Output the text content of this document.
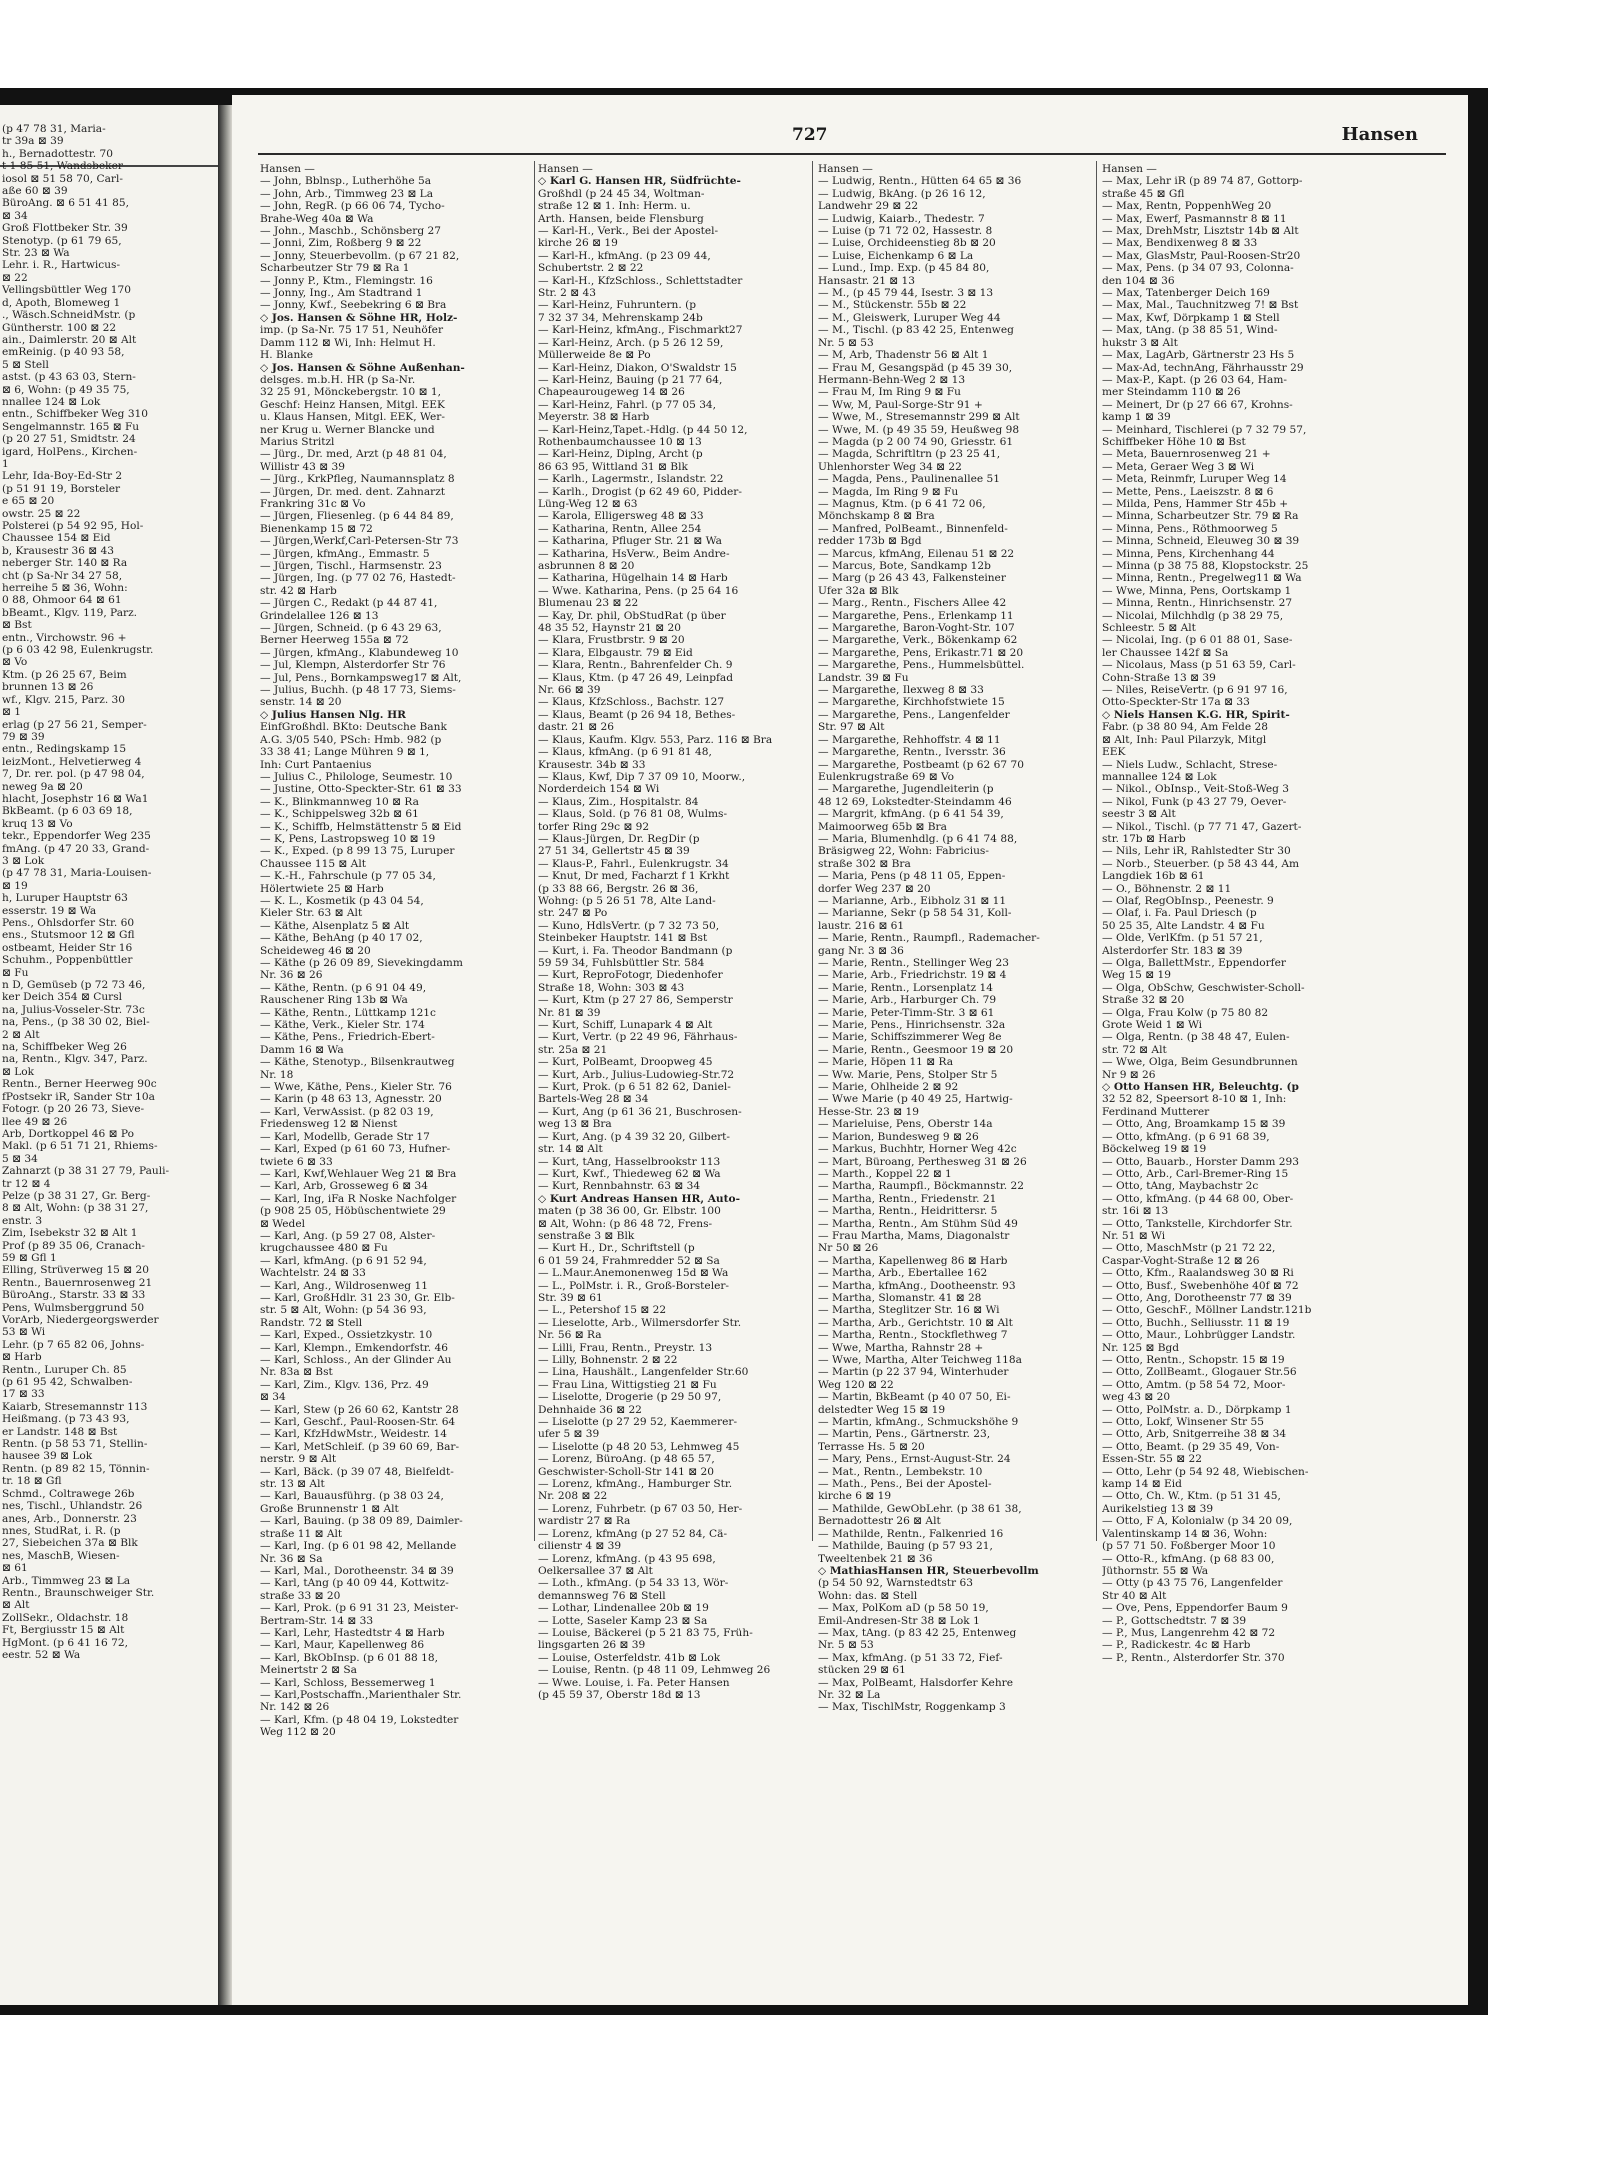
(p 47 78 31, Maria-
tr 39a ⊠ 39
h., Bernadottestr. 70
t 1 85 51, Wandsbeker
iosol ⊠ 51 58 70, Carl-
aße 60 ⊠ 39
BüroAng. ⊠ 6 51 41 85,
⊠ 34
Groß Flottbeker Str. 39
Stenotyp. (p 61 79 65,
Str. 23 ⊠ Wa
Lehr. i. R., Hartwicus-
⊠ 22
Vellingsbüttler Weg 170
d, Apoth, Blomeweg 1
., Wäsch.SchneidMstr. (p
Güntherstr. 100 ⊠ 22
ain., Daimlerstr. 20 ⊠ Alt
emReinig. (p 40 93 58,
5 ⊠ Stell
astst. (p 43 63 03, Stern-
⊠ 6, Wohn: (p 49 35 75,
nnallee 124 ⊠ Lok
entn., Schiffbeker Weg 310
Sengelmannstr. 165 ⊠ Fu
(p 20 27 51, Smidtstr. 24
igard, HolPens., Kirchen-
1
Lehr, Ida-Boy-Ed-Str 2
(p 51 91 19, Borsteler
e 65 ⊠ 20
owstr. 25 ⊠ 22
Polsterei (p 54 92 95, Hol-
Chaussee 154 ⊠ Eid
b, Krausestr 36 ⊠ 43
neberger Str. 140 ⊠ Ra
cht (p Sa-Nr 34 27 58,
herreihe 5 ⊠ 36, Wohn:
0 88, Ohmoor 64 ⊠ 61
bBeamt., Klgv. 119, Parz.
⊠ Bst
entn., Virchowstr. 96 +
(p 6 03 42 98, Eulenkrugstr.
⊠ Vo
Ktm. (p 26 25 67, Beim
brunnen 13 ⊠ 26
wf., Klgv. 215, Parz. 30
⊠ 1
erlag (p 27 56 21, Semper-
79 ⊠ 39
entn., Redingskamp 15
leizMont., Helvetierweg 4
7, Dr. rer. pol. (p 47 98 04,
neweg 9a ⊠ 20
hlacht, Josephstr 16 ⊠ Wa1
BkBeamt. (p 6 03 69 18,
kruq 13 ⊠ Vo
tekr., Eppendorfer Weg 235
fmAng. (p 47 20 33, Grand-
3 ⊠ Lok
(p 47 78 31, Maria-Louisen-
⊠ 19
h, Luruper Hauptstr 63
esserstr. 19 ⊠ Wa
Pens., Ohlsdorfer Str. 60
ens., Stutsmoor 12 ⊠ Gfl
ostbeamt, Heider Str 16
Schuhm., Poppenbüttler
⊠ Fu
n D, Gemüseb (p 72 73 46,
ker Deich 354 ⊠ Cursl
na, Julius-Vosseler-Str. 73c
na, Pens., (p 38 30 02, Biel-
2 ⊠ Alt
na, Schiffbeker Weg 26
na, Rentn., Klgv. 347, Parz.
⊠ Lok
Rentn., Berner Heerweg 90c
fPostsekr iR, Sander Str 10a
Fotogr. (p 20 26 73, Sieve-
llee 49 ⊠ 26
Arb, Dortkoppel 46 ⊠ Po
Makl. (p 6 51 71 21, Rhiems-
5 ⊠ 34
Zahnarzt (p 38 31 27 79, Pauli-
tr 12 ⊠ 4
Pelze (p 38 31 27, Gr. Berg-
8 ⊠ Alt, Wohn: (p 38 31 27,
enstr. 3
Zim, Isebekstr 32 ⊠ Alt 1
Prof (p 89 35 06, Cranach-
59 ⊠ Gfl 1
Elling, Strüverweg 15 ⊠ 20
Rentn., Bauernrosenweg 21
BüroAng., Starstr. 33 ⊠ 33
Pens, Wulmsberggrund 50
VorArb, Niedergeorgswerder
53 ⊠ Wi
Lehr. (p 7 65 82 06, Johns-
⊠ Harb
Rentn., Luruper Ch. 85
(p 61 95 42, Schwalben-
17 ⊠ 33
Kaiarb, Stresemannstr 113
Heißmang. (p 73 43 93,
er Landstr. 148 ⊠ Bst
Rentn. (p 58 53 71, Stellin-
hausee 39 ⊠ Lok
Rentn. (p 89 82 15, Tönnin-
tr. 18 ⊠ Gfl
Schmd., Coltrawege 26b
nes, Tischl., Uhlandstr. 26
anes, Arb., Donnerstr. 23
nnes, StudRat, i. R. (p
27, Siebeichen 37a ⊠ Blk
nes, MaschB, Wiesen-
⊠ 61
Arb., Timmweg 23 ⊠ La
Rentn., Braunschweiger Str.
⊠ Alt
ZollSekr., Oldachstr. 18
Ft, Bergiusstr 15 ⊠ Alt
HgMont. (p 6 41 16 72,
eestr. 52 ⊠ Wa
727	Hansen
Hansen —
— John, Bblnsp., Lutherhöhe 5a
— John, Arb., Timmweg 23 ⊠ La
— John, RegR. (p 66 06 74, Tycho-
Brahe-Weg 40a ⊠ Wa
— John., Maschb., Schönsberg 27
— Jonni, Zim, Roßberg 9 ⊠ 22
— Jonny, Steuerbevollm. (p 67 21 82,
Scharbeutzer Str 79 ⊠ Ra 1
— Jonny P., Ktm., Flemingstr. 16
— Jonny, Ing., Am Stadtrand 1
— Jonny, Kwf., Seebekring 6 ⊠ Bra
◇ Jos. Hansen & Söhne HR, Holz-
imp. (p Sa-Nr. 75 17 51, Neuhöfer
Damm 112 ⊠ Wi, Inh: Helmut H.
H. Blanke
◇ Jos. Hansen & Söhne Außenhan-
delsges. m.b.H. HR (p Sa-Nr.
32 25 91, Mönckebergstr. 10 ⊠ 1,
Geschf: Heinz Hansen, Mitgl. EEK
u. Klaus Hansen, Mitgl. EEK, Wer-
ner Krug u. Werner Blancke und
Marius Stritzl
— Jürg., Dr. med, Arzt (p 48 81 04,
Willistr 43 ⊠ 39
— Jürg., KrkPfleg, Naumannsplatz 8
— Jürgen, Dr. med. dent. Zahnarzt
Frankring 31c ⊠ Vo
— Jürgen, Fliesenleg. (p 6 44 84 89,
Bienenkamp 15 ⊠ 72
— Jürgen,Werkf,Carl-Petersen-Str 73
— Jürgen, kfmAng., Emmastr. 5
— Jürgen, Tischl., Harmsenstr. 23
— Jürgen, Ing. (p 77 02 76, Hastedt-
str. 42 ⊠ Harb
— Jürgen C., Redakt (p 44 87 41,
Grindelallee 126 ⊠ 13
— Jürgen, Schneid. (p 6 43 29 63,
Berner Heerweg 155a ⊠ 72
— Jürgen, kfmAng., Klabundeweg 10
— Jul, Klempn, Alsterdorfer Str 76
— Jul, Pens., Bornkampsweg17 ⊠ Alt,
— Julius, Buchh. (p 48 17 73, Siems-
senstr. 14 ⊠ 20
◇ Julius Hansen Nlg. HR
EinfGroßhdl. BKto: Deutsche Bank
A.G. 3/05 540, PSch: Hmb. 982 (p
33 38 41; Lange Mühren 9 ⊠ 1,
Inh: Curt Pantaenius
— Julius C., Philologe, Seumestr. 10
— Justine, Otto-Speckter-Str. 61 ⊠ 33
— K., Blinkmannweg 10 ⊠ Ra
— K., Schippelsweg 32b ⊠ 61
— K., Schiffb, Helmstättenstr 5 ⊠ Eid
— K, Pens, Lastropsweg 10 ⊠ 19
— K., Exped. (p 8 99 13 75, Luruper
Chaussee 115 ⊠ Alt
— K.-H., Fahrschule (p 77 05 34,
Hölertwiete 25 ⊠ Harb
— K. L., Kosmetik (p 43 04 54,
Kieler Str. 63 ⊠ Alt
— Käthe, Alsenplatz 5 ⊠ Alt
— Käthe, BehAng (p 40 17 02,
Scheideweg 46 ⊠ 20
— Käthe (p 26 09 89, Sievekingdamm
Nr. 36 ⊠ 26
— Käthe, Rentn. (p 6 91 04 49,
Rauschener Ring 13b ⊠ Wa
— Käthe, Rentn., Lüttkamp 121c
— Käthe, Verk., Kieler Str. 174
— Käthe, Pens., Friedrich-Ebert-
Damm 16 ⊠ Wa
— Käthe, Stenotyp., Bilsenkrautweg
Nr. 18
— Wwe, Käthe, Pens., Kieler Str. 76
— Karin (p 48 63 13, Agnesstr. 20
— Karl, VerwAssist. (p 82 03 19,
Friedensweg 12 ⊠ Nienst
— Karl, Modellb, Gerade Str 17
— Karl, Exped (p 61 60 73, Hufner-
twiete 6 ⊠ 33
— Karl, Kwf,Wehlauer Weg 21 ⊠ Bra
— Karl, Arb, Grosseweg 6 ⊠ 34
— Karl, Ing, iFa R Noske Nachfolger
(p 908 25 05, Höbüschentwiete 29
⊠ Wedel
— Karl, Ang. (p 59 27 08, Alster-
krugchaussee 480 ⊠ Fu
— Karl, kfmAng. (p 6 91 52 94,
Wachtelstr. 24 ⊠ 33
— Karl, Ang., Wildrosenweg 11
— Karl, GroßHdlr. 31 23 30, Gr. Elb-
str. 5 ⊠ Alt, Wohn: (p 54 36 93,
Randstr. 72 ⊠ Stell
— Karl, Exped., Ossietzkystr. 10
— Karl, Klempn., Emkendorfstr. 46
— Karl, Schloss., An der Glinder Au
Nr. 83a ⊠ Bst
— Karl, Zim., Klgv. 136, Prz. 49
⊠ 34
— Karl, Stew (p 26 60 62, Kantstr 28
— Karl, Geschf., Paul-Roosen-Str. 64
— Karl, KfzHdwMstr., Weidestr. 14
— Karl, MetSchleif. (p 39 60 69, Bar-
nerstr. 9 ⊠ Alt
— Karl, Bäck. (p 39 07 48, Bielfeldt-
str. 13 ⊠ Alt
— Karl, Bauausführg. (p 38 03 24,
Große Brunnenstr 1 ⊠ Alt
— Karl, Bauing. (p 38 09 89, Daimler-
straße 11 ⊠ Alt
— Karl, Ing. (p 6 01 98 42, Mellande
Nr. 36 ⊠ Sa
— Karl, Mal., Dorotheenstr. 34 ⊠ 39
— Karl, tAng (p 40 09 44, Kottwitz-
straße 33 ⊠ 20
— Karl, Prok. (p 6 91 31 23, Meister-
Bertram-Str. 14 ⊠ 33
— Karl, Lehr, Hastedtstr 4 ⊠ Harb
— Karl, Maur, Kapellenweg 86
— Karl, BkObInsp. (p 6 01 88 18,
Meinertstr 2 ⊠ Sa
— Karl, Schloss, Bessemerweg 1
— Karl,Postschaffn.,Marienthaler Str.
Nr. 142 ⊠ 26
— Karl, Kfm. (p 48 04 19, Lokstedter
Weg 112 ⊠ 20
Hansen —
◇ Karl G. Hansen HR, Südfrüchte-
Großhdl (p 24 45 34, Woltman-
straße 12 ⊠ 1. Inh: Herm. u.
Arth. Hansen, beide Flensburg
— Karl-H., Verk., Bei der Apostel-
kirche 26 ⊠ 19
— Karl-H., kfmAng. (p 23 09 44,
Schubertstr. 2 ⊠ 22
— Karl-H., KfzSchloss., Schlettstadter
Str. 2 ⊠ 43
— Karl-Heinz, Fuhruntern. (p
7 32 37 34, Mehrenskamp 24b
— Karl-Heinz, kfmAng., Fischmarkt27
— Karl-Heinz, Arch. (p 5 26 12 59,
Müllerweide 8e ⊠ Po
— Karl-Heinz, Diakon, O'Swaldstr 15
— Karl-Heinz, Bauing (p 21 77 64,
Chapeaurougeweg 14 ⊠ 26
— Karl-Heinz, Fahrl. (p 77 05 34,
Meyerstr. 38 ⊠ Harb
— Karl-Heinz,Tapet.-Hdlg. (p 44 50 12,
Rothenbaumchaussee 10 ⊠ 13
— Karl-Heinz, Diplng, Archt (p
86 63 95, Wittland 31 ⊠ Blk
— Karlh., Lagermstr., Islandstr. 22
— Karlh., Drogist (p 62 49 60, Pidder-
Lüng-Weg 12 ⊠ 63
— Karola, Elligersweg 48 ⊠ 33
— Katharina, Rentn, Allee 254
— Katharina, Pfluger Str. 21 ⊠ Wa
— Katharina, HsVerw., Beim Andre-
asbrunnen 8 ⊠ 20
— Katharina, Hügelhain 14 ⊠ Harb
— Wwe. Katharina, Pens. (p 25 64 16
Blumenau 23 ⊠ 22
— Kay, Dr. phil, ObStudRat (p über
48 35 52, Haynstr 21 ⊠ 20
— Klara, Frustbrstr. 9 ⊠ 20
— Klara, Elbgaustr. 79 ⊠ Eid
— Klara, Rentn., Bahrenfelder Ch. 9
— Klaus, Ktm. (p 47 26 49, Leinpfad
Nr. 66 ⊠ 39
— Klaus, KfzSchloss., Bachstr. 127
— Klaus, Beamt (p 26 94 18, Bethes-
dastr. 21 ⊠ 26
— Klaus, Kaufm. Klgv. 553, Parz. 116 ⊠ Bra
— Klaus, kfmAng. (p 6 91 81 48,
Krausestr. 34b ⊠ 33
— Klaus, Kwf, Dip 7 37 09 10, Moorw.,
Norderdeich 154 ⊠ Wi
— Klaus, Zim., Hospitalstr. 84
— Klaus, Sold. (p 76 81 08, Wulms-
torfer Ring 29c ⊠ 92
— Klaus-Jürgen, Dr. RegDir (p
27 51 34, Gellertstr 45 ⊠ 39
— Klaus-P., Fahrl., Eulenkrugstr. 34
— Knut, Dr med, Facharzt f 1 Krkht
(p 33 88 66, Bergstr. 26 ⊠ 36,
Wohng: (p 5 26 51 78, Alte Land-
str. 247 ⊠ Po
— Kuno, HdlsVertr. (p 7 32 73 50,
Steinbeker Hauptstr. 141 ⊠ Bst
— Kurt, i. Fa. Theodor Bandmann (p
59 59 34, Fuhlsbüttler Str. 584
— Kurt, ReproFotogr, Diedenhofer
Straße 18, Wohn: 303 ⊠ 43
— Kurt, Ktm (p 27 27 86, Semperstr
Nr. 81 ⊠ 39
— Kurt, Schiff, Lunapark 4 ⊠ Alt
— Kurt, Vertr. (p 22 49 96, Fährhaus-
str. 25a ⊠ 21
— Kurt, PolBeamt, Droopweg 45
— Kurt, Arb., Julius-Ludowieg-Str.72
— Kurt, Prok. (p 6 51 82 62, Daniel-
Bartels-Weg 28 ⊠ 34
— Kurt, Ang (p 61 36 21, Buschrosen-
weg 13 ⊠ Bra
— Kurt, Ang. (p 4 39 32 20, Gilbert-
str. 14 ⊠ Alt
— Kurt, tAng, Hasselbrookstr 113
— Kurt, Kwf., Thiedeweg 62 ⊠ Wa
— Kurt, Rennbahnstr. 63 ⊠ 34
◇ Kurt Andreas Hansen HR, Auto-
maten (p 38 36 00, Gr. Elbstr. 100
⊠ Alt, Wohn: (p 86 48 72, Frens-
senstraße 3 ⊠ Blk
— Kurt H., Dr., Schriftstell (p
6 01 59 24, Frahmredder 52 ⊠ Sa
— L.Maur.Anemonenweg 15d ⊠ Wa
— L., PolMstr. i. R., Groß-Borsteler-
Str. 39 ⊠ 61
— L., Petershof 15 ⊠ 22
— Lieselotte, Arb., Wilmersdorfer Str.
Nr. 56 ⊠ Ra
— Lilli, Frau, Rentn., Preystr. 13
— Lilly, Bohnenstr. 2 ⊠ 22
— Lina, Haushält., Langenfelder Str.60
— Frau Lina, Wittigstieg 21 ⊠ Fu
— Liselotte, Drogerie (p 29 50 97,
Dehnhaide 36 ⊠ 22
— Liselotte (p 27 29 52, Kaemmerer-
ufer 5 ⊠ 39
— Liselotte (p 48 20 53, Lehmweg 45
— Lorenz, BüroAng. (p 48 65 57,
Geschwister-Scholl-Str 141 ⊠ 20
— Lorenz, kfmAng., Hamburger Str.
Nr. 208 ⊠ 22
— Lorenz, Fuhrbetr. (p 67 03 50, Her-
wardistr 27 ⊠ Ra
— Lorenz, kfmAng (p 27 52 84, Cä-
cilienstr 4 ⊠ 39
— Lorenz, kfmAng. (p 43 95 698,
Oelkersallee 37 ⊠ Alt
— Loth., kfmAng. (p 54 33 13, Wör-
demannsweg 76 ⊠ Stell
— Lothar, Lindenallee 20b ⊠ 19
— Lotte, Saseler Kamp 23 ⊠ Sa
— Louise, Bäckerei (p 5 21 83 75, Früh-
lingsgarten 26 ⊠ 39
— Louise, Osterfeldstr. 41b ⊠ Lok
— Louise, Rentn. (p 48 11 09, Lehmweg 26
— Wwe. Louise, i. Fa. Peter Hansen
(p 45 59 37, Oberstr 18d ⊠ 13
Hansen —
— Ludwig, Rentn., Hütten 64 65 ⊠ 36
— Ludwig, BkAng. (p 26 16 12,
Landwehr 29 ⊠ 22
— Ludwig, Kaiarb., Thedestr. 7
— Luise (p 71 72 02, Hassestr. 8
— Luise, Orchideenstieg 8b ⊠ 20
— Luise, Eichenkamp 6 ⊠ La
— Lund., Imp. Exp. (p 45 84 80,
Hansastr. 21 ⊠ 13
— M., (p 45 79 44, Isestr. 3 ⊠ 13
— M., Stückenstr. 55b ⊠ 22
— M., Gleiswerk, Luruper Weg 44
— M., Tischl. (p 83 42 25, Entenweg
Nr. 5 ⊠ 53
— M, Arb, Thadenstr 56 ⊠ Alt 1
— Frau M, Gesangspäd (p 45 39 30,
Hermann-Behn-Weg 2 ⊠ 13
— Frau M, Im Ring 9 ⊠ Fu
— Ww, M, Paul-Sorge-Str 91 +
— Wwe, M., Stresemannstr 299 ⊠ Alt
— Wwe, M. (p 49 35 59, Heußweg 98
— Magda (p 2 00 74 90, Griesstr. 61
— Magda, Schriftltrn (p 23 25 41,
Uhlenhorster Weg 34 ⊠ 22
— Magda, Pens., Paulinenallee 51
— Magda, Im Ring 9 ⊠ Fu
— Magnus, Ktm. (p 6 41 72 06,
Mönchskamp 8 ⊠ Bra
— Manfred, PolBeamt., Binnenfeld-
redder 173b ⊠ Bgd
— Marcus, kfmAng, Eilenau 51 ⊠ 22
— Marcus, Bote, Sandkamp 12b
— Marg (p 26 43 43, Falkensteiner
Ufer 32a ⊠ Blk
— Marg., Rentn., Fischers Allee 42
— Margarethe, Pens., Erlenkamp 11
— Margarethe, Baron-Voght-Str. 107
— Margarethe, Verk., Bökenkamp 62
— Margarethe, Pens, Erikastr.71 ⊠ 20
— Margarethe, Pens., Hummelsbüttel.
Landstr. 39 ⊠ Fu
— Margarethe, Ilexweg 8 ⊠ 33
— Margarethe, Kirchhofstwiete 15
— Margarethe, Pens., Langenfelder
Str. 97 ⊠ Alt
— Margarethe, Rehhoffstr. 4 ⊠ 11
— Margarethe, Rentn., Iversstr. 36
— Margarethe, Postbeamt (p 62 67 70
Eulenkrugstraße 69 ⊠ Vo
— Margarethe, Jugendleiterin (p
48 12 69, Lokstedter-Steindamm 46
— Margrit, kfmAng. (p 6 41 54 39,
Maimoorweg 65b ⊠ Bra
— Maria, Blumenhdlg. (p 6 41 74 88,
Bräsigweg 22, Wohn: Fabricius-
straße 302 ⊠ Bra
— Maria, Pens (p 48 11 05, Eppen-
dorfer Weg 237 ⊠ 20
— Marianne, Arb., Eibholz 31 ⊠ 11
— Marianne, Sekr (p 58 54 31, Koll-
laustr. 216 ⊠ 61
— Marie, Rentn., Raumpfl., Rademacher-
gang Nr. 3 ⊠ 36
— Marie, Rentn., Stellinger Weg 23
— Marie, Arb., Friedrichstr. 19 ⊠ 4
— Marie, Rentn., Lorsenplatz 14
— Marie, Arb., Harburger Ch. 79
— Marie, Peter-Timm-Str. 3 ⊠ 61
— Marie, Pens., Hinrichsenstr. 32a
— Marie, Schiffszimmerer Weg 8e
— Marie, Rentn., Geesmoor 19 ⊠ 20
— Marie, Höpen 11 ⊠ Ra
— Ww. Marie, Pens, Stolper Str 5
— Marie, Ohlheide 2 ⊠ 92
— Wwe Marie (p 40 49 25, Hartwig-
Hesse-Str. 23 ⊠ 19
— Marieluise, Pens, Oberstr 14a
— Marion, Bundesweg 9 ⊠ 26
— Markus, Buchhtr, Horner Weg 42c
— Mart, Büroang, Perthesweg 31 ⊠ 26
— Marth., Koppel 22 ⊠ 1
— Martha, Raumpfl., Böckmannstr. 22
— Martha, Rentn., Friedenstr. 21
— Martha, Rentn., Heidrittersr. 5
— Martha, Rentn., Am Stühm Süd 49
— Frau Martha, Mams, Diagonalstr
Nr 50 ⊠ 26
— Martha, Kapellenweg 86 ⊠ Harb
— Martha, Arb., Ebertallee 162
— Martha, kfmAng., Dootheenstr. 93
— Martha, Slomanstr. 41 ⊠ 28
— Martha, Steglitzer Str. 16 ⊠ Wi
— Martha, Arb., Gerichtstr. 10 ⊠ Alt
— Martha, Rentn., Stockflethweg 7
— Wwe, Martha, Rahnstr 28 +
— Wwe, Martha, Alter Teichweg 118a
— Martin (p 22 37 94, Winterhuder
Weg 120 ⊠ 22
— Martin, BkBeamt (p 40 07 50, Ei-
delstedter Weg 15 ⊠ 19
— Martin, kfmAng., Schmuckshöhe 9
— Martin, Pens., Gärtnerstr. 23,
Terrasse Hs. 5 ⊠ 20
— Mary, Pens., Ernst-August-Str. 24
— Mat., Rentn., Lembekstr. 10
— Math., Pens., Bei der Apostel-
kirche 6 ⊠ 19
— Mathilde, GewObLehr. (p 38 61 38,
Bernadottestr 26 ⊠ Alt
— Mathilde, Rentn., Falkenried 16
— Mathilde, Bauing (p 57 93 21,
Tweeltenbek 21 ⊠ 36
◇ MathiasHansen HR, Steuerbevollm
(p 54 50 92, Warnstedtstr 63
Wohn: das. ⊠ Stell
— Max, PolKom aD (p 58 50 19,
Emil-Andresen-Str 38 ⊠ Lok 1
— Max, tAng. (p 83 42 25, Entenweg
Nr. 5 ⊠ 53
— Max, kfmAng. (p 51 33 72, Fief-
stücken 29 ⊠ 61
— Max, PolBeamt, Halsdorfer Kehre
Nr. 32 ⊠ La
— Max, TischlMstr, Roggenkamp 3
Hansen —
— Max, Lehr iR (p 89 74 87, Gottorp-
straße 45 ⊠ Gfl
— Max, Rentn, PoppenhWeg 20
— Max, Ewerf, Pasmannstr 8 ⊠ 11
— Max, DrehMstr, Lisztstr 14b ⊠ Alt
— Max, Bendixenweg 8 ⊠ 33
— Max, GlasMstr, Paul-Roosen-Str20
— Max, Pens. (p 34 07 93, Colonna-
den 104 ⊠ 36
— Max, Tatenberger Deich 169
— Max, Mal., Tauchnitzweg 7! ⊠ Bst
— Max, Kwf, Dörpkamp 1 ⊠ Stell
— Max, tAng. (p 38 85 51, Wind-
hukstr 3 ⊠ Alt
— Max, LagArb, Gärtnerstr 23 Hs 5
— Max-Ad, technAng, Fährhausstr 29
— Max-P., Kapt. (p 26 03 64, Ham-
mer Steindamm 110 ⊠ 26
— Meinert, Dr (p 27 66 67, Krohns-
kamp 1 ⊠ 39
— Meinhard, Tischlerei (p 7 32 79 57,
Schiffbeker Höhe 10 ⊠ Bst
— Meta, Bauernrosenweg 21 +
— Meta, Geraer Weg 3 ⊠ Wi
— Meta, Reinmfr, Luruper Weg 14
— Mette, Pens., Laeiszstr. 8 ⊠ 6
— Milda, Pens, Hammer Str 45b +
— Minna, Scharbeutzer Str. 79 ⊠ Ra
— Minna, Pens., Röthmoorweg 5
— Minna, Schneid, Eleuweg 30 ⊠ 39
— Minna, Pens, Kirchenhang 44
— Minna (p 38 75 88, Klopstockstr. 25
— Minna, Rentn., Pregelweg11 ⊠ Wa
— Wwe, Minna, Pens, Oortskamp 1
— Minna, Rentn., Hinrichsenstr. 27
— Nicolai, Milchhdlg (p 38 29 75,
Schleestr. 5 ⊠ Alt
— Nicolai, Ing. (p 6 01 88 01, Sase-
ler Chaussee 142f ⊠ Sa
— Nicolaus, Mass (p 51 63 59, Carl-
Cohn-Straße 13 ⊠ 39
— Niles, ReiseVertr. (p 6 91 97 16,
Otto-Speckter-Str 17a ⊠ 33
◇ Niels Hansen K.G. HR, Spirit-
Fabr. (p 38 80 94, Am Felde 28
⊠ Alt, Inh: Paul Pilarzyk, Mitgl
EEK
— Niels Ludw., Schlacht, Strese-
mannallee 124 ⊠ Lok
— Nikol., ObInsp., Veit-Stoß-Weg 3
— Nikol, Funk (p 43 27 79, Oever-
seestr 3 ⊠ Alt
— Nikol., Tischl. (p 77 71 47, Gazert-
str. 17b ⊠ Harb
— Nils, Lehr iR, Rahlstedter Str 30
— Norb., Steuerber. (p 58 43 44, Am
Langdiek 16b ⊠ 61
— O., Böhnenstr. 2 ⊠ 11
— Olaf, RegObInsp., Peenestr. 9
— Olaf, i. Fa. Paul Driesch (p
50 25 35, Alte Landstr. 4 ⊠ Fu
— Olde, VerlKfm. (p 51 57 21,
Alsterdorfer Str. 183 ⊠ 39
— Olga, BallettMstr., Eppendorfer
Weg 15 ⊠ 19
— Olga, ObSchw, Geschwister-Scholl-
Straße 32 ⊠ 20
— Olga, Frau Kolw (p 75 80 82
Grote Weid 1 ⊠ Wi
— Olga, Rentn. (p 38 48 47, Eulen-
str. 72 ⊠ Alt
— Wwe, Olga, Beim Gesundbrunnen
Nr 9 ⊠ 26
◇ Otto Hansen HR, Beleuchtg. (p
32 52 82, Speersort 8-10 ⊠ 1, Inh:
Ferdinand Mutterer
— Otto, Ang, Broamkamp 15 ⊠ 39
— Otto, kfmAng. (p 6 91 68 39,
Böckelweg 19 ⊠ 19
— Otto, Bauarb., Horster Damm 293
— Otto, Arb., Carl-Bremer-Ring 15
— Otto, tAng, Maybachstr 2c
— Otto, kfmAng. (p 44 68 00, Ober-
str. 16i ⊠ 13
— Otto, Tankstelle, Kirchdorfer Str.
Nr. 51 ⊠ Wi
— Otto, MaschMstr (p 21 72 22,
Caspar-Voght-Straße 12 ⊠ 26
— Otto, Kfm., Raalandsweg 30 ⊠ Ri
— Otto, Busf., Swebenhöhe 40f ⊠ 72
— Otto, Ang, Dorotheenstr 77 ⊠ 39
— Otto, GeschF., Möllner Landstr.121b
— Otto, Buchh., Selliusstr. 11 ⊠ 19
— Otto, Maur., Lohbrügger Landstr.
Nr. 125 ⊠ Bgd
— Otto, Rentn., Schopstr. 15 ⊠ 19
— Otto, ZollBeamt., Glogauer Str.56
— Otto, Amtm. (p 58 54 72, Moor-
weg 43 ⊠ 20
— Otto, PolMstr. a. D., Dörpkamp 1
— Otto, Lokf, Winsener Str 55
— Otto, Arb, Snitgerreihe 38 ⊠ 34
— Otto, Beamt. (p 29 35 49, Von-
Essen-Str. 55 ⊠ 22
— Otto, Lehr (p 54 92 48, Wiebischen-
kamp 14 ⊠ Eid
— Otto, Ch. W., Ktm. (p 51 31 45,
Aurikelstieg 13 ⊠ 39
— Otto, F A, Kolonialw (p 34 20 09,
Valentinskamp 14 ⊠ 36, Wohn:
(p 57 71 50. Foßberger Moor 10
— Otto-R., kfmAng. (p 68 83 00,
Jüthornstr. 55 ⊠ Wa
— Otty (p 43 75 76, Langenfelder
Str 40 ⊠ Alt
— Ove, Pens, Eppendorfer Baum 9
— P., Gottschedtstr. 7 ⊠ 39
— P., Mus, Langenrehm 42 ⊠ 72
— P., Radickestr. 4c ⊠ Harb
— P., Rentn., Alsterdorfer Str. 370
